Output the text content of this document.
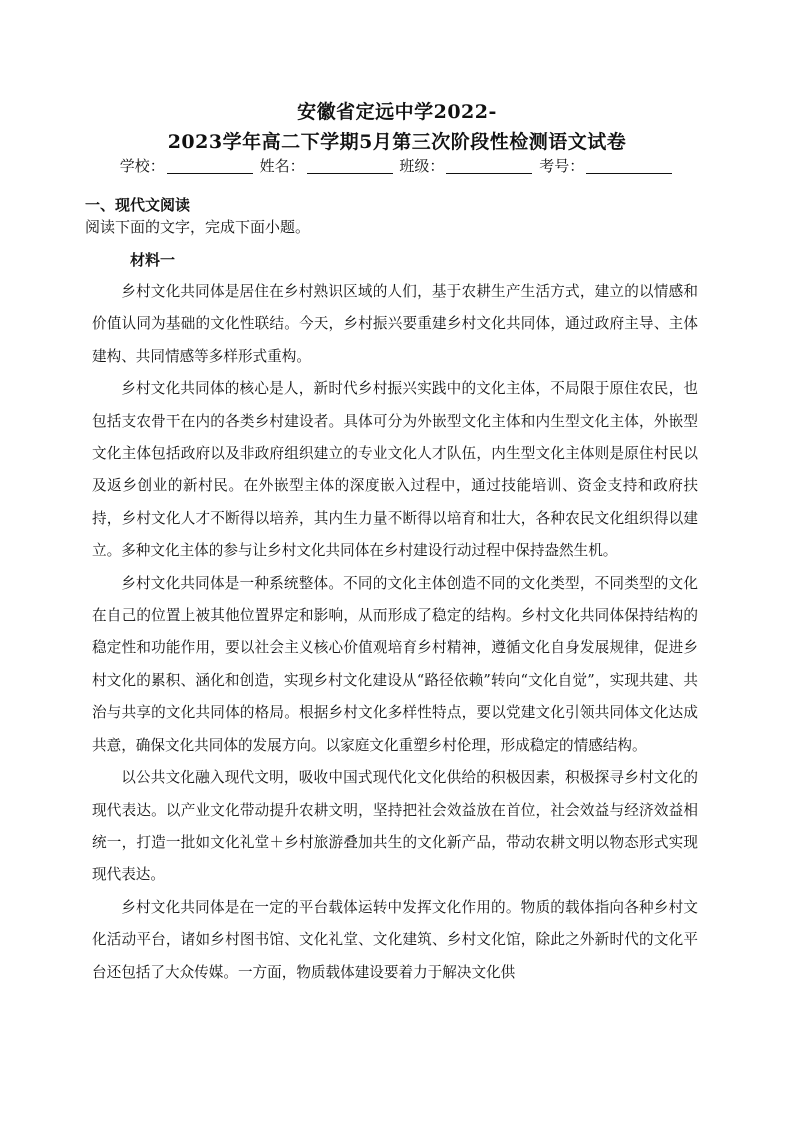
安徽省定远中学2022-
2023学年高二下学期5月第三次阶段性检测语文试卷
学校：	姓名：	班级：	考号：
一、现代文阅读
阅读下面的文字，完成下面小题。
材料一

乡村文化共同体是居住在乡村熟识区域的人们，基于农耕生产生活方式，建立的以情感和价值认同为基础的文化性联结。今天，乡村振兴要重建乡村文化共同体，通过政府主导、主体建构、共同情感等多样形式重构。

乡村文化共同体的核心是人，新时代乡村振兴实践中的文化主体，不局限于原住农民，也包括支农骨干在内的各类乡村建设者。具体可分为外嵌型文化主体和内生型文化主体，外嵌型文化主体包括政府以及非政府组织建立的专业文化人才队伍，内生型文化主体则是原住村民以及返乡创业的新村民。在外嵌型主体的深度嵌入过程中，通过技能培训、资金支持和政府扶持，乡村文化人才不断得以培养，其内生力量不断得以培育和壮大，各种农民文化组织得以建立。多种文化主体的参与让乡村文化共同体在乡村建设行动过程中保持盎然生机。

乡村文化共同体是一种系统整体。不同的文化主体创造不同的文化类型，不同类型的文化在自己的位置上被其他位置界定和影响，从而形成了稳定的结构。乡村文化共同体保持结构的稳定性和功能作用，要以社会主义核心价值观培育乡村精神，遵循文化自身发展规律，促进乡村文化的累积、涵化和创造，实现乡村文化建设从“路径依赖”转向“文化自觉”，实现共建、共治与共享的文化共同体的格局。根据乡村文化多样性特点，要以党建文化引领共同体文化达成共意，确保文化共同体的发展方向。以家庭文化重塑乡村伦理，形成稳定的情感结构。

以公共文化融入现代文明，吸收中国式现代化文化供给的积极因素，积极探寻乡村文化的现代表达。以产业文化带动提升农耕文明，坚持把社会效益放在首位，社会效益与经济效益相统一，打造一批如文化礼堂＋乡村旅游叠加共生的文化新产品，带动农耕文明以物态形式实现现代表达。

乡村文化共同体是在一定的平台载体运转中发挥文化作用的。物质的载体指向各种乡村文化活动平台，诸如乡村图书馆、文化礼堂、文化建筑、乡村文化馆，除此之外新时代的文化平台还包括了大众传媒。一方面，物质载体建设要着力于解决文化供
